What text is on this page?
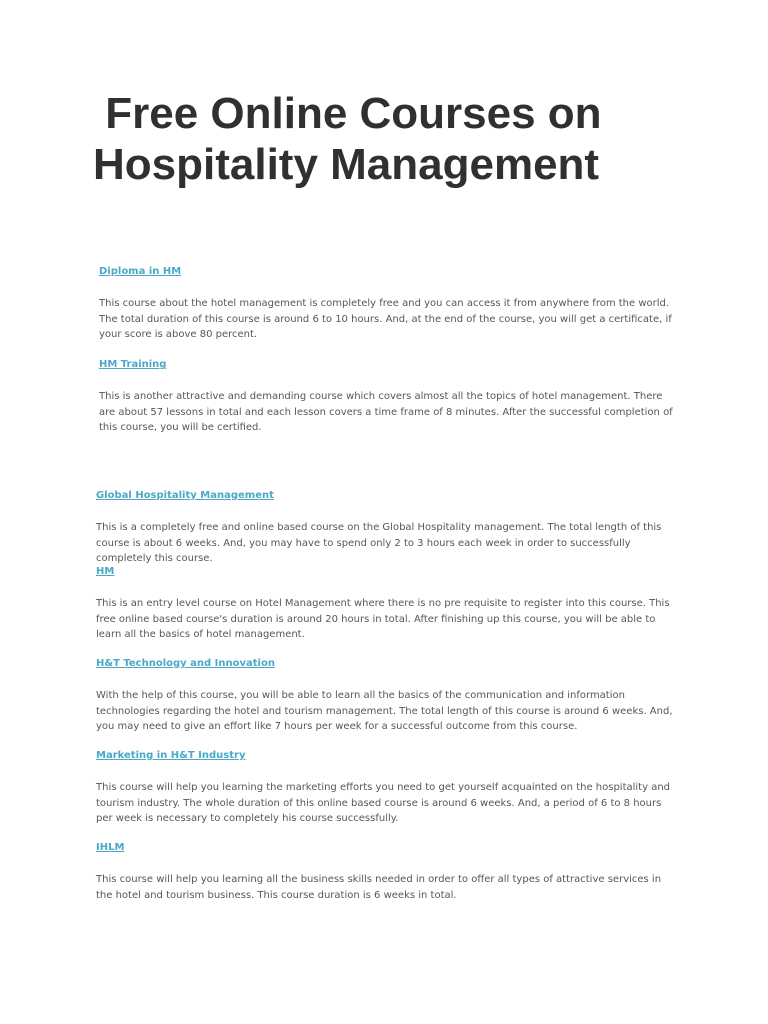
Free Online Courses on
Hospitality Management
Diploma in HM

This course about the hotel management is completely free and you can access it from anywhere from the world. The total duration of this course is around 6 to 10 hours. And, at the end of the course, you will get a certificate, if your score is above 80 percent.

HM Training

This is another attractive and demanding course which covers almost all the topics of hotel management. There are about 57 lessons in total and each lesson covers a time frame of 8 minutes. After the successful completion of this course, you will be certified.

Global Hospitality Management

This is a completely free and online based course on the Global Hospitality management. The total length of this course is about 6 weeks. And, you may have to spend only 2 to 3 hours each week in order to successfully completely this course.

HM

This is an entry level course on Hotel Management where there is no pre requisite to register into this course. This free online based course's duration is around 20 hours in total. After finishing up this course, you will be able to learn all the basics of hotel management.

H&T Technology and Innovation

With the help of this course, you will be able to learn all the basics of the communication and information technologies regarding the hotel and tourism management. The total length of this course is around 6 weeks. And, you may need to give an effort like 7 hours per week for a successful outcome from this course.

Marketing in H&T Industry

This course will help you learning the marketing efforts you need to get yourself acquainted on the hospitality and tourism industry. The whole duration of this online based course is around 6 weeks. And, a period of 6 to 8 hours per week is necessary to completely his course successfully.

IHLM

This course will help you learning all the business skills needed in order to offer all types of attractive services in the hotel and tourism business. This course duration is 6 weeks in total.
